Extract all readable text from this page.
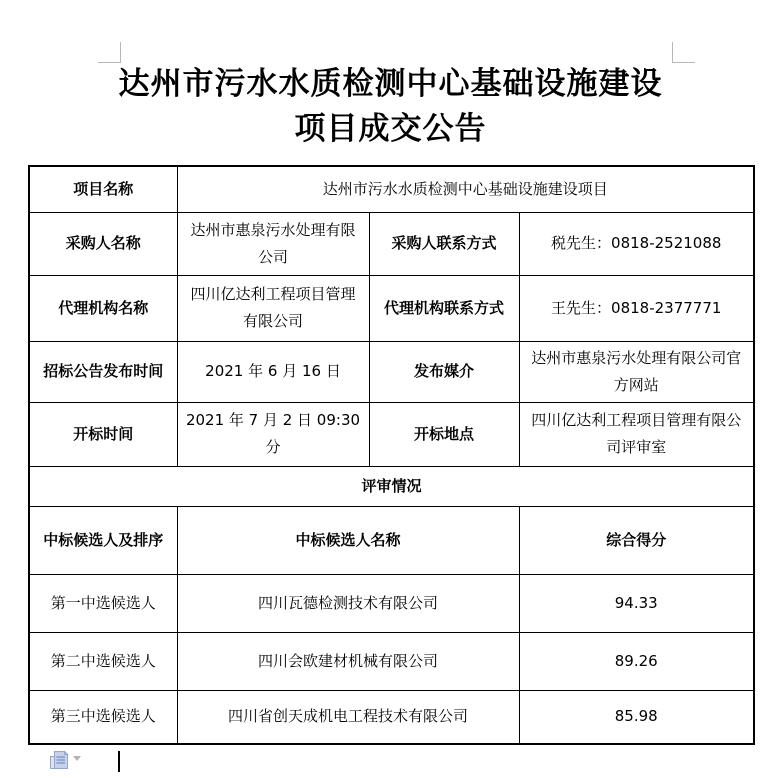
达州市污水水质检测中心基础设施建设
项目成交公告
项目名称	达州市污水水质检测中心基础设施建设项目		
采购人名称	达州市惠泉污水处理有限公司	采购人联系方式	税先生：0818-2521088
代理机构名称	四川亿达利工程项目管理有限公司	代理机构联系方式	王先生：0818-2377771
招标公告发布时间	2021 年 6 月 16 日	发布媒介	达州市惠泉污水处理有限公司官方网站
开标时间	2021 年 7 月 2 日 09:30 分	开标地点	四川亿达利工程项目管理有限公司评审室
评审情况			
中标候选人及排序	中标候选人名称		综合得分
第一中选候选人	四川瓦德检测技术有限公司		94.33
第二中选候选人	四川会欧建材机械有限公司		89.26
第三中选候选人	四川省创天成机电工程技术有限公司		85.98
